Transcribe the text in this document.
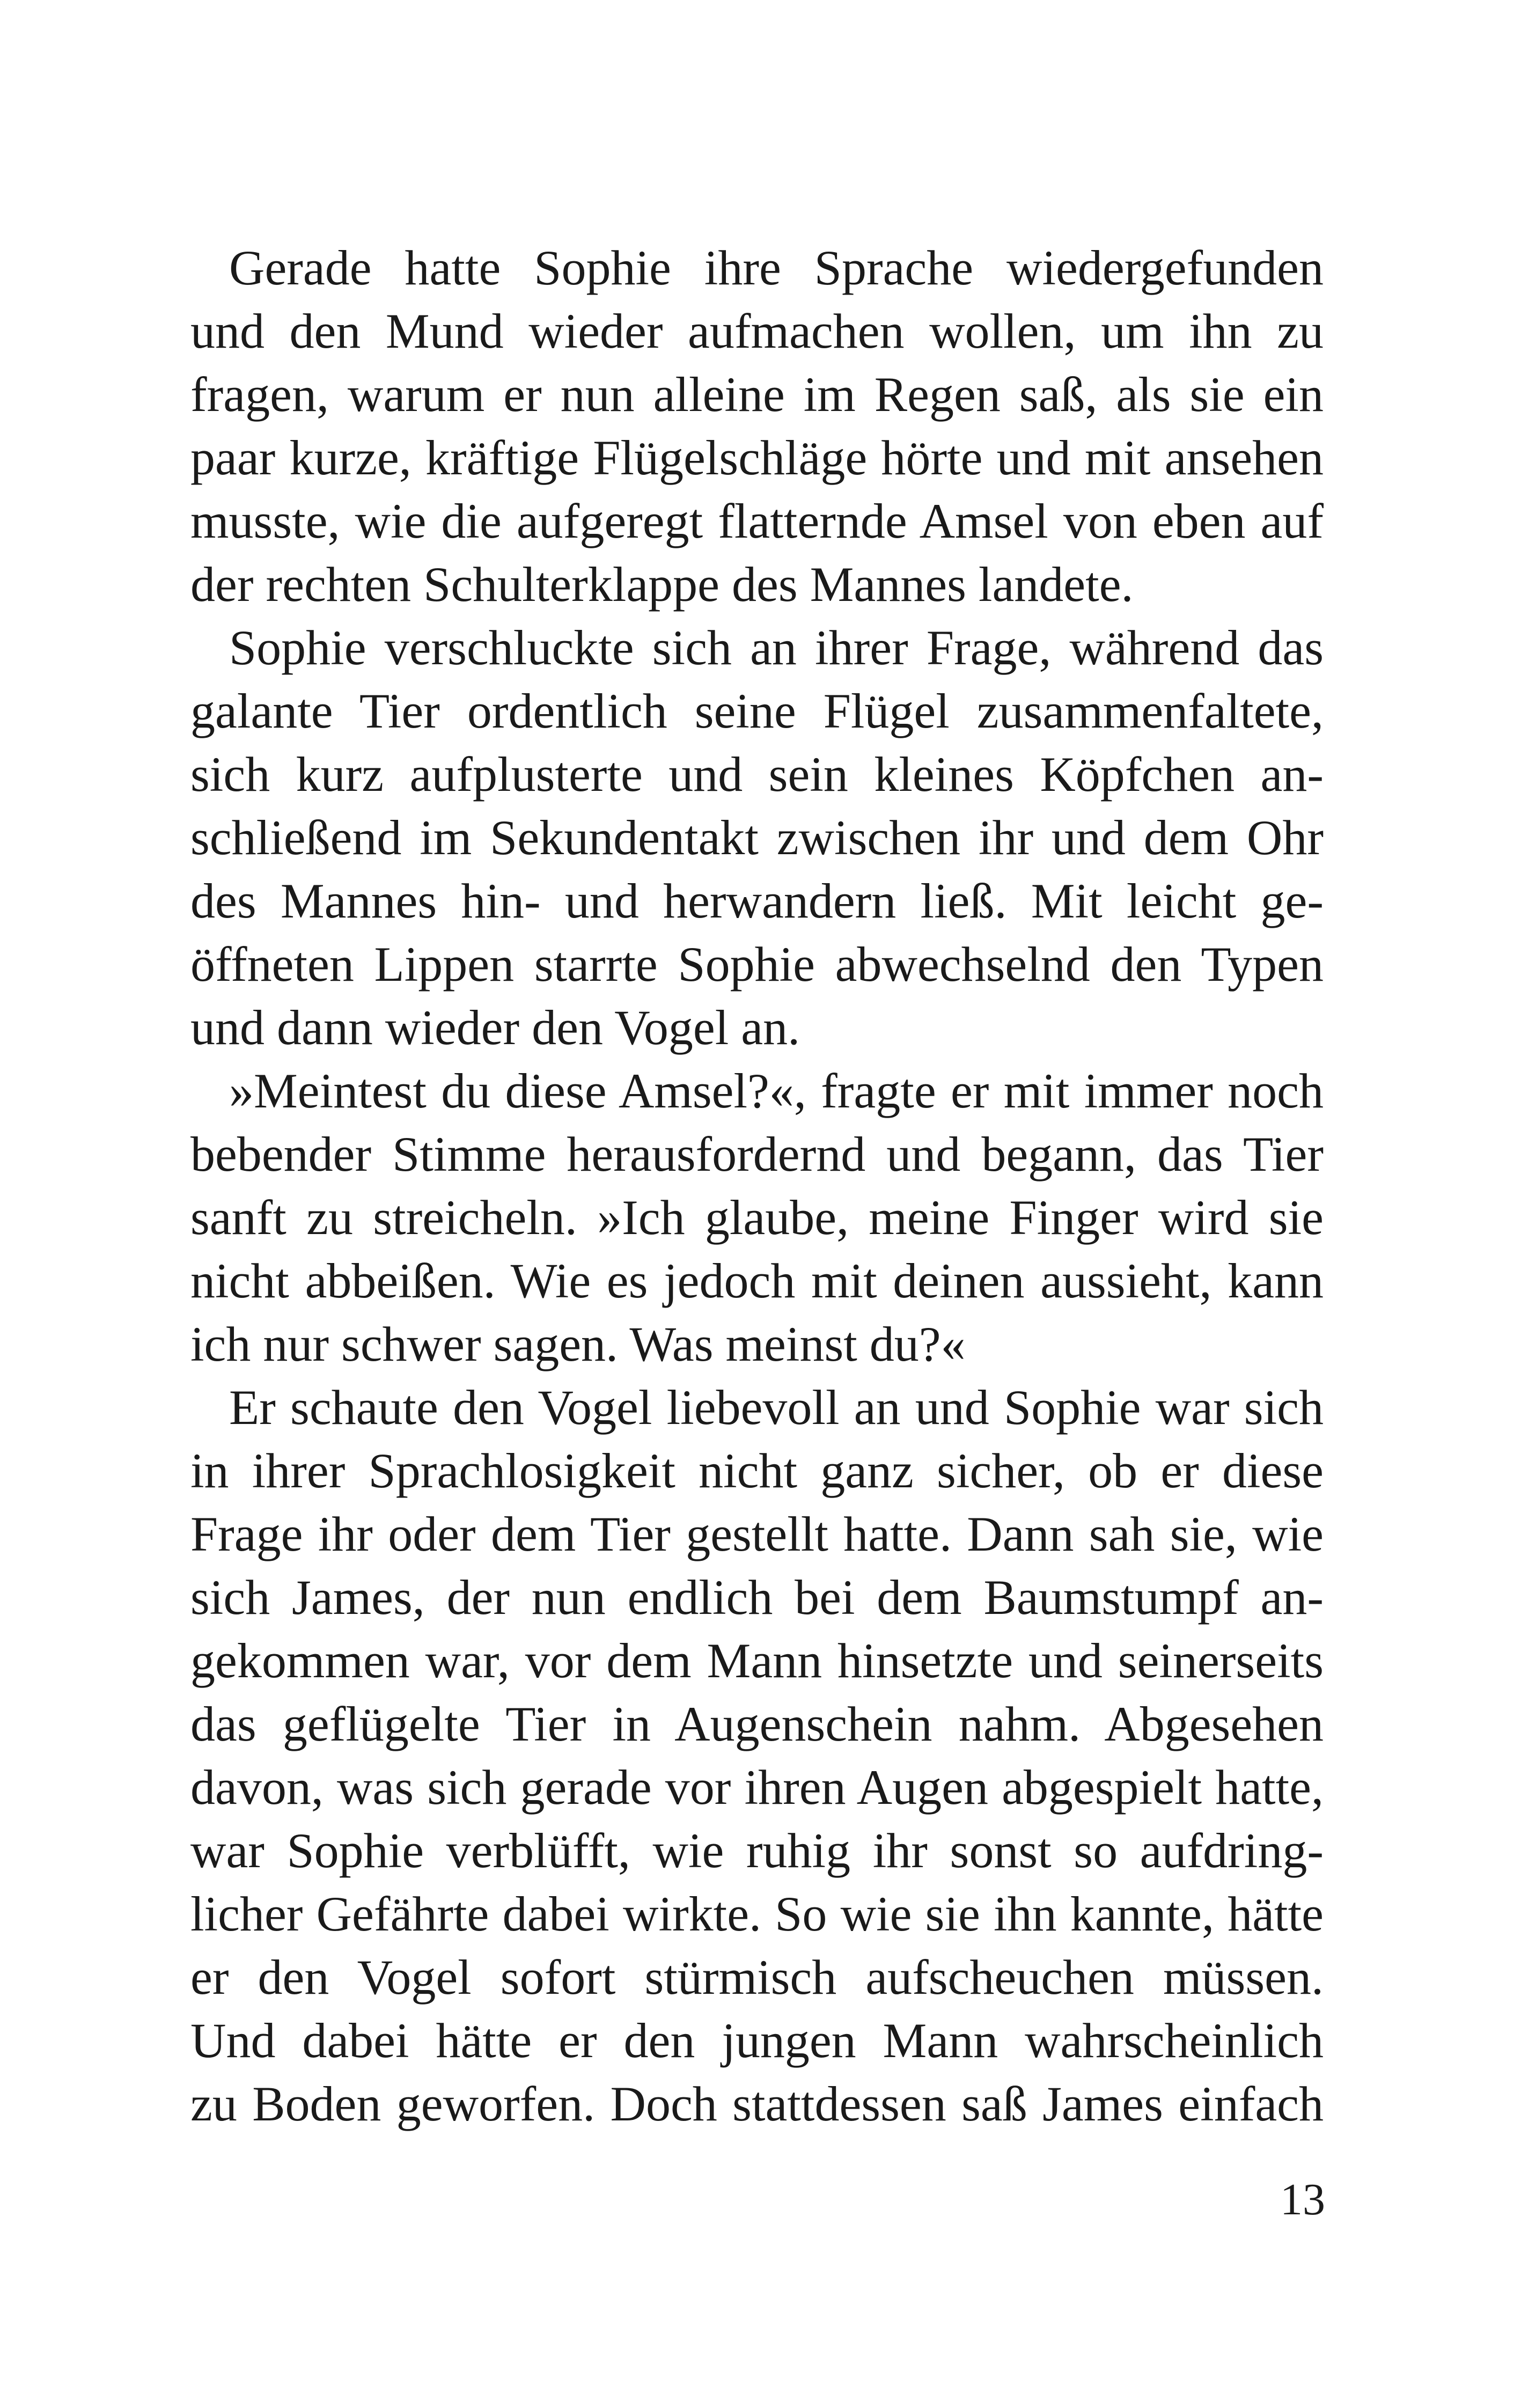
Gerade hatte Sophie ihre Sprache wiedergefunden
und den Mund wieder aufmachen wollen, um ihn zu
fragen, warum er nun alleine im Regen saß, als sie ein
paar kurze, kräftige Flügelschläge hörte und mit ansehen
musste, wie die aufgeregt flatternde Amsel von eben auf
der rechten Schulterklappe des Mannes landete.
Sophie verschluckte sich an ihrer Frage, während das
galante Tier ordentlich seine Flügel zusammenfaltete,
sich kurz aufplusterte und sein kleines Köpfchen an-
schließend im Sekundentakt zwischen ihr und dem Ohr
des Mannes hin- und herwandern ließ. Mit leicht ge-
öffneten Lippen starrte Sophie abwechselnd den Typen
und dann wieder den Vogel an.
»Meintest du diese Amsel?«, fragte er mit immer noch
bebender Stimme herausfordernd und begann, das Tier
sanft zu streicheln. »Ich glaube, meine Finger wird sie
nicht abbeißen. Wie es jedoch mit deinen aussieht, kann
ich nur schwer sagen. Was meinst du?«
Er schaute den Vogel liebevoll an und Sophie war sich
in ihrer Sprachlosigkeit nicht ganz sicher, ob er diese
Frage ihr oder dem Tier gestellt hatte. Dann sah sie, wie
sich James, der nun endlich bei dem Baumstumpf an-
gekommen war, vor dem Mann hinsetzte und seinerseits
das geflügelte Tier in Augenschein nahm. Abgesehen
davon, was sich gerade vor ihren Augen abgespielt hatte,
war Sophie verblüfft, wie ruhig ihr sonst so aufdring-
licher Gefährte dabei wirkte. So wie sie ihn kannte, hätte
er den Vogel sofort stürmisch aufscheuchen müssen.
Und dabei hätte er den jungen Mann wahrscheinlich
zu Boden geworfen. Doch stattdessen saß James einfach
13
